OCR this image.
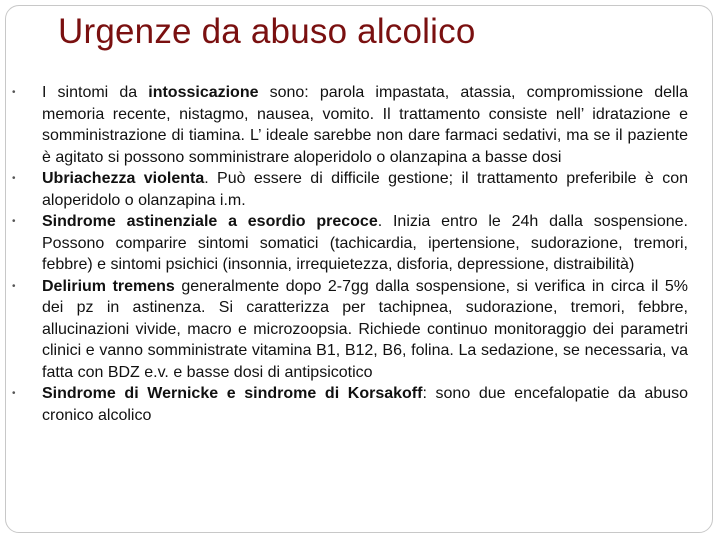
Urgenze da abuso alcolico
• I sintomi da intossicazione sono: parola impastata, atassia, compromissione della memoria recente, nistagmo, nausea, vomito. Il trattamento consiste nell’ idratazione e somministrazione di tiamina. L’ ideale sarebbe non dare farmaci sedativi, ma se il paziente è agitato si possono somministrare aloperidolo o olanzapina a basse dosi
• Ubriachezza violenta. Può essere di difficile gestione; il trattamento preferibile è con aloperidolo o olanzapina i.m.
• Sindrome astinenziale a esordio precoce. Inizia entro le 24h dalla sospensione. Possono comparire sintomi somatici (tachicardia, ipertensione, sudorazione, tremori, febbre) e sintomi psichici (insonnia, irrequietezza, disforia, depressione, distraibilità)
• Delirium tremens generalmente dopo 2-7gg dalla sospensione, si verifica in circa il 5% dei pz in astinenza. Si caratterizza per tachipnea, sudorazione, tremori, febbre, allucinazioni vivide, macro e microzoopsia. Richiede continuo monitoraggio dei parametri clinici e vanno somministrate vitamina B1, B12, B6, folina. La sedazione, se necessaria, va fatta con BDZ e.v. e basse dosi di antipsicotico
• Sindrome di Wernicke e sindrome di Korsakoff: sono due encefalopatie da abuso cronico alcolico
